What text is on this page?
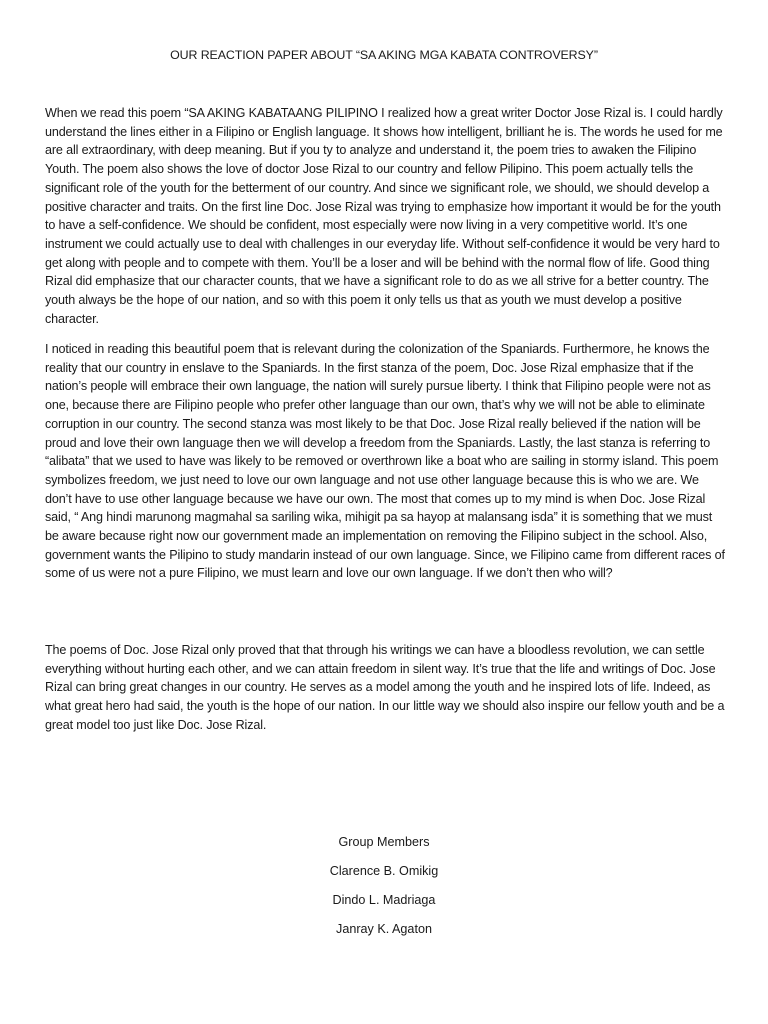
OUR REACTION PAPER ABOUT “SA AKING MGA KABATA CONTROVERSY”

When we read this poem “SA AKING KABATAANG PILIPINO I realized how a great writer Doctor Jose Rizal is. I could hardly understand the lines either in a Filipino or English language. It shows how intelligent, brilliant he is. The words he used for me are all extraordinary, with deep meaning. But if you ty to analyze and understand it, the poem tries to awaken the Filipino Youth. The poem also shows the love of doctor Jose Rizal to our country and fellow Pilipino. This poem actually tells the significant role of the youth for the betterment of our country. And since we significant role, we should, we should develop a positive character and traits. On the first line Doc. Jose Rizal was trying to emphasize how important it would be for the youth to have a self-confidence. We should be confident, most especially were now living in a very competitive world. It’s one instrument we could actually use to deal with challenges in our everyday life. Without self-confidence it would be very hard to get along with people and to compete with them. You’ll be a loser and will be behind with the normal flow of life. Good thing Rizal did emphasize that our character counts, that we have a significant role to do as we all strive for a better country. The youth always be the hope of our nation, and so with this poem it only tells us that as youth we must develop a positive character.

I noticed in reading this beautiful poem that is relevant during the colonization of the Spaniards. Furthermore, he knows the reality that our country in enslave to the Spaniards. In the first stanza of the poem, Doc. Jose Rizal emphasize that if the nation’s people will embrace their own language, the nation will surely pursue liberty. I think that Filipino people were not as one, because there are Filipino people who prefer other language than our own, that’s why we will not be able to eliminate corruption in our country. The second stanza was most likely to be that Doc. Jose Rizal really believed if the nation will be proud and love their own language then we will develop a freedom from the Spaniards. Lastly, the last stanza is referring to “alibata” that we used to have was likely to be removed or overthrown like a boat who are sailing in stormy island. This poem symbolizes freedom, we just need to love our own language and not use other language because this is who we are. We don’t have to use other language because we have our own. The most that comes up to my mind is when Doc. Jose Rizal said, “ Ang hindi marunong magmahal sa sariling wika, mihigit pa sa hayop at malansang isda” it is something that we must be aware because right now our government made an implementation on removing the Filipino subject in the school. Also, government wants the Pilipino to study mandarin instead of our own language. Since, we Filipino came from different races of some of us were not a pure Filipino, we must learn and love our own language. If we don’t then who will?

The poems of Doc. Jose Rizal only proved that that through his writings we can have a bloodless revolution, we can settle everything without hurting each other, and we can attain freedom in silent way. It’s true that the life and writings of Doc. Jose Rizal can bring great changes in our country. He serves as a model among the youth and he inspired lots of life. Indeed, as what great hero had said, the youth is the hope of our nation. In our little way we should also inspire our fellow youth and be a great model too just like Doc. Jose Rizal.

Group Members
Clarence B. Omikig
Dindo L. Madriaga
Janray K. Agaton
